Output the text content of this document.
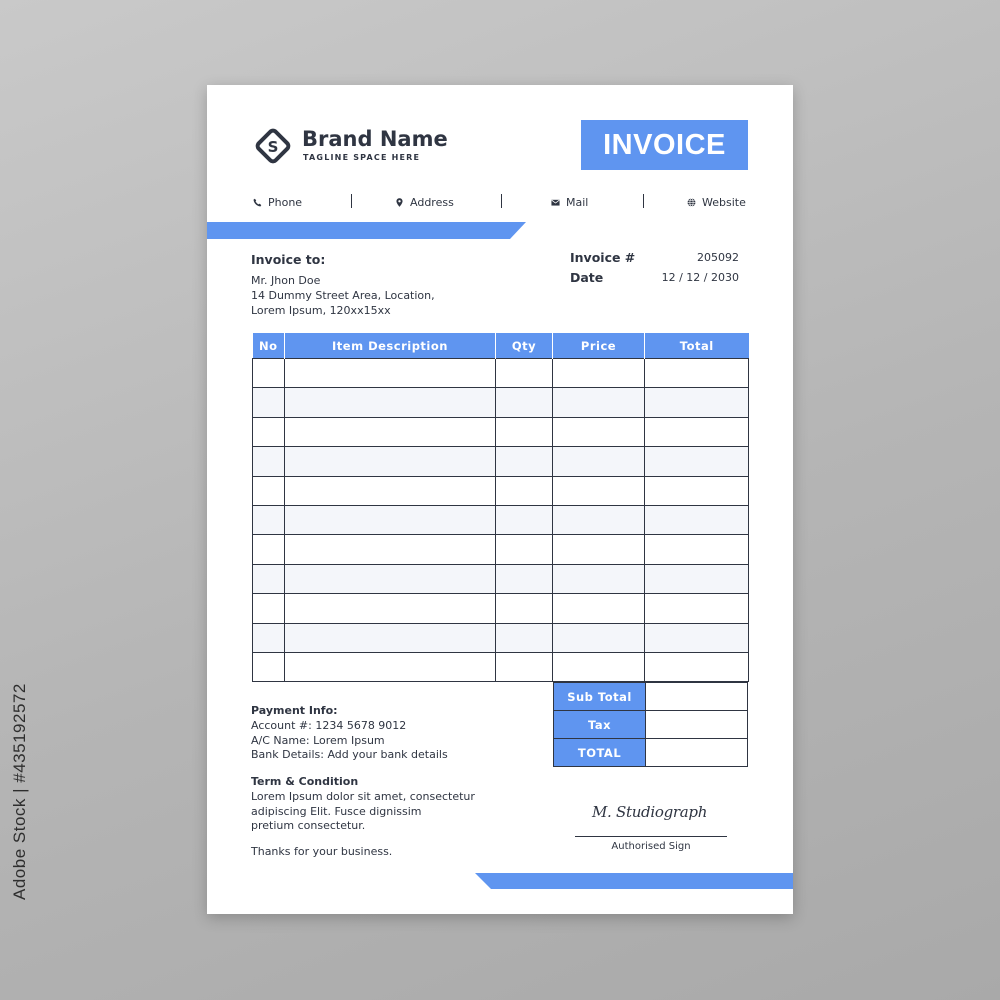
Adobe Stock | #435192572
S Brand Name
TAGLINE SPACE HERE	INVOICE
Phone	Address	Mail	Website
Invoice to:
Mr. Jhon Doe
14 Dummy Street Area, Location,
Lorem Ipsum, 120xx15xx
Invoice #	205092
Date	12 / 12 / 2030
No	Item Description	Qty	Price	Total

Sub Total	
Tax	
TOTAL	
Payment Info:
Account #: 1234 5678 9012
A/C Name: Lorem Ipsum
Bank Details: Add your bank details
Term & Condition
Lorem Ipsum dolor sit amet, consectetur
adipiscing Elit. Fusce dignissim
pretium consectetur.
Thanks for your business.
M. Studiograph
Authorised Sign
